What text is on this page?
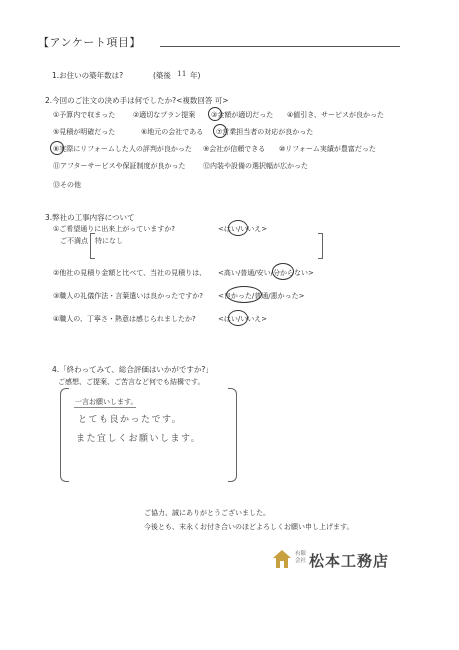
【アンケート項目】
1.お住いの築年数は?	(築後 11 年)
2.今回のご注文の決め手は何でしたか?<複数回答 可>
①予算内で収まった	②適切なプラン提案 ③金額が適切だった ④値引き、サービスが良かった
⑤見積が明確だった	⑥地元の会社である ⑦営業担当者の対応が良かった
⑧実際にリフォームした人の評判が良かった ⑨会社が信頼できる ⑩リフォーム実績が豊富だった
⑪アフターサービスや保証制度が良かった ⑫内装や設備の選択幅が広かった
⑬その他
3.弊社の工事内容について
①ご希望通りに出来上がっていますか?	<はい/いいえ>
ご不満点 特になし
②他社の見積り金額と比べて、当社の見積りは、 <高い/普通/安い/分からない>
③職人の礼儀作法・言葉遣いは良かったですか? <良かった/普通/悪かった>
④職人の、丁寧さ・熱意は感じられましたか?	<はい/いいえ>
4.「終わってみて、総合評価はいかがですか?」
ご感想、ご提案、ご苦言など何でも結構です。
一言お願いします。
とても良かったです。
また宜しくお願いします。
ご協力、誠にありがとうございました。
今後とも、末永くお付き合いのほどよろしくお願い申し上げます。
有限会社 松本工務店
